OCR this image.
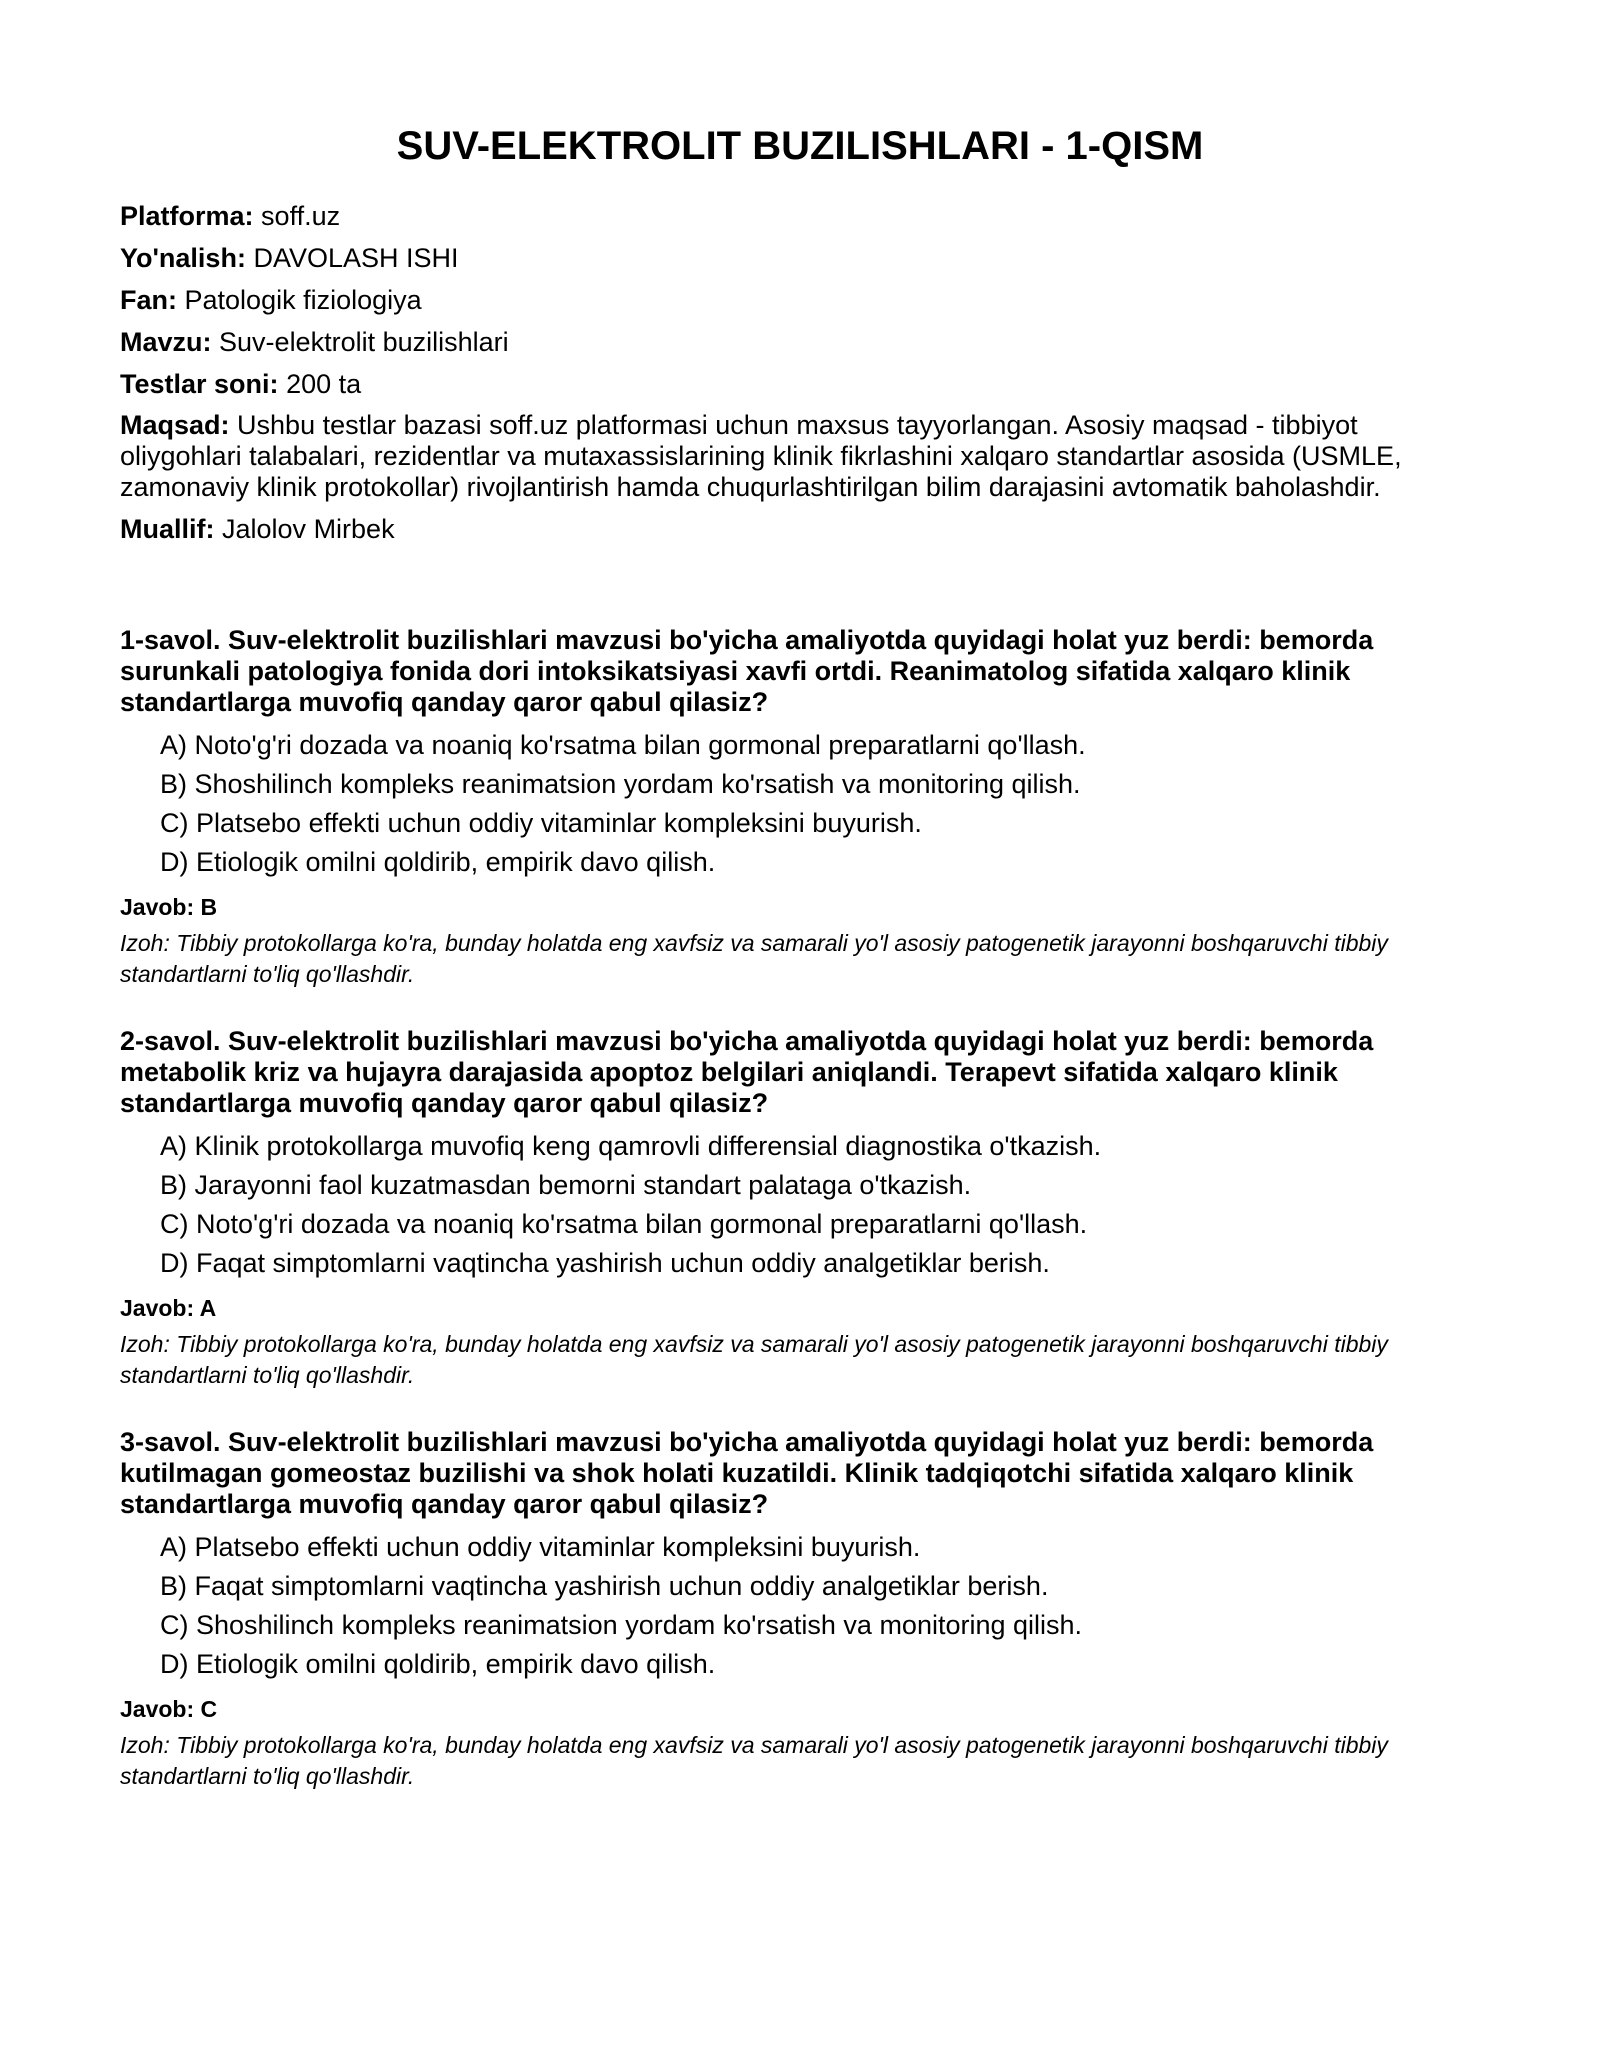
SUV-ELEKTROLIT BUZILISHLARI - 1-QISM

Platforma: soff.uz

Yo'nalish: DAVOLASH ISHI

Fan: Patologik fiziologiya

Mavzu: Suv-elektrolit buzilishlari

Testlar soni: 200 ta

Maqsad: Ushbu testlar bazasi soff.uz platformasi uchun maxsus tayyorlangan. Asosiy maqsad - tibbiyot oliygohlari talabalari, rezidentlar va mutaxassislarining klinik fikrlashini xalqaro standartlar asosida (USMLE, zamonaviy klinik protokollar) rivojlantirish hamda chuqurlashtirilgan bilim darajasini avtomatik baholashdir.

Muallif: Jalolov Mirbek

1-savol. Suv-elektrolit buzilishlari mavzusi bo'yicha amaliyotda quyidagi holat yuz berdi: bemorda surunkali patologiya fonida dori intoksikatsiyasi xavfi ortdi. Reanimatolog sifatida xalqaro klinik standartlarga muvofiq qanday qaror qabul qilasiz?

A) Noto'g'ri dozada va noaniq ko'rsatma bilan gormonal preparatlarni qo'llash.
B) Shoshilinch kompleks reanimatsion yordam ko'rsatish va monitoring qilish.
C) Platsebo effekti uchun oddiy vitaminlar kompleksini buyurish.
D) Etiologik omilni qoldirib, empirik davo qilish.

Javob: B

Izoh: Tibbiy protokollarga ko'ra, bunday holatda eng xavfsiz va samarali yo'l asosiy patogenetik jarayonni boshqaruvchi tibbiy standartlarni to'liq qo'llashdir.

2-savol. Suv-elektrolit buzilishlari mavzusi bo'yicha amaliyotda quyidagi holat yuz berdi: bemorda metabolik kriz va hujayra darajasida apoptoz belgilari aniqlandi. Terapevt sifatida xalqaro klinik standartlarga muvofiq qanday qaror qabul qilasiz?

A) Klinik protokollarga muvofiq keng qamrovli differensial diagnostika o'tkazish.
B) Jarayonni faol kuzatmasdan bemorni standart palataga o'tkazish.
C) Noto'g'ri dozada va noaniq ko'rsatma bilan gormonal preparatlarni qo'llash.
D) Faqat simptomlarni vaqtincha yashirish uchun oddiy analgetiklar berish.

Javob: A

Izoh: Tibbiy protokollarga ko'ra, bunday holatda eng xavfsiz va samarali yo'l asosiy patogenetik jarayonni boshqaruvchi tibbiy standartlarni to'liq qo'llashdir.

3-savol. Suv-elektrolit buzilishlari mavzusi bo'yicha amaliyotda quyidagi holat yuz berdi: bemorda kutilmagan gomeostaz buzilishi va shok holati kuzatildi. Klinik tadqiqotchi sifatida xalqaro klinik standartlarga muvofiq qanday qaror qabul qilasiz?

A) Platsebo effekti uchun oddiy vitaminlar kompleksini buyurish.
B) Faqat simptomlarni vaqtincha yashirish uchun oddiy analgetiklar berish.
C) Shoshilinch kompleks reanimatsion yordam ko'rsatish va monitoring qilish.
D) Etiologik omilni qoldirib, empirik davo qilish.

Javob: C

Izoh: Tibbiy protokollarga ko'ra, bunday holatda eng xavfsiz va samarali yo'l asosiy patogenetik jarayonni boshqaruvchi tibbiy standartlarni to'liq qo'llashdir.
